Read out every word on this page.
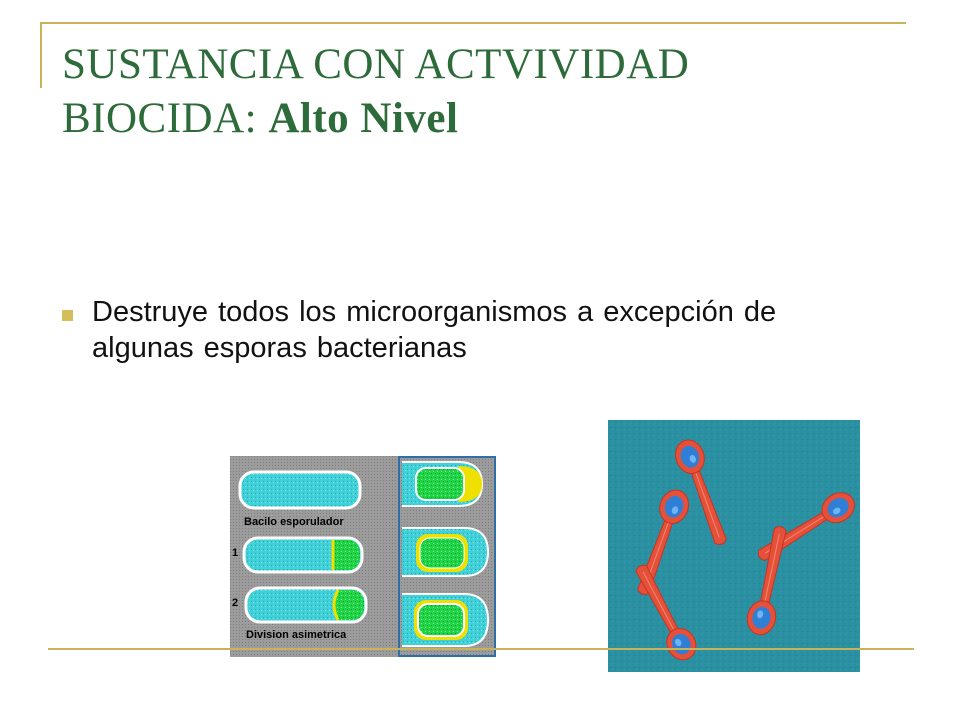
SUSTANCIA CON ACTVIVIDAD
BIOCIDA: Alto Nivel
Destruye todos los microorganismos a excepción de algunas esporas bacterianas
Bacilo esporulador
1
2
Division asimetrica
